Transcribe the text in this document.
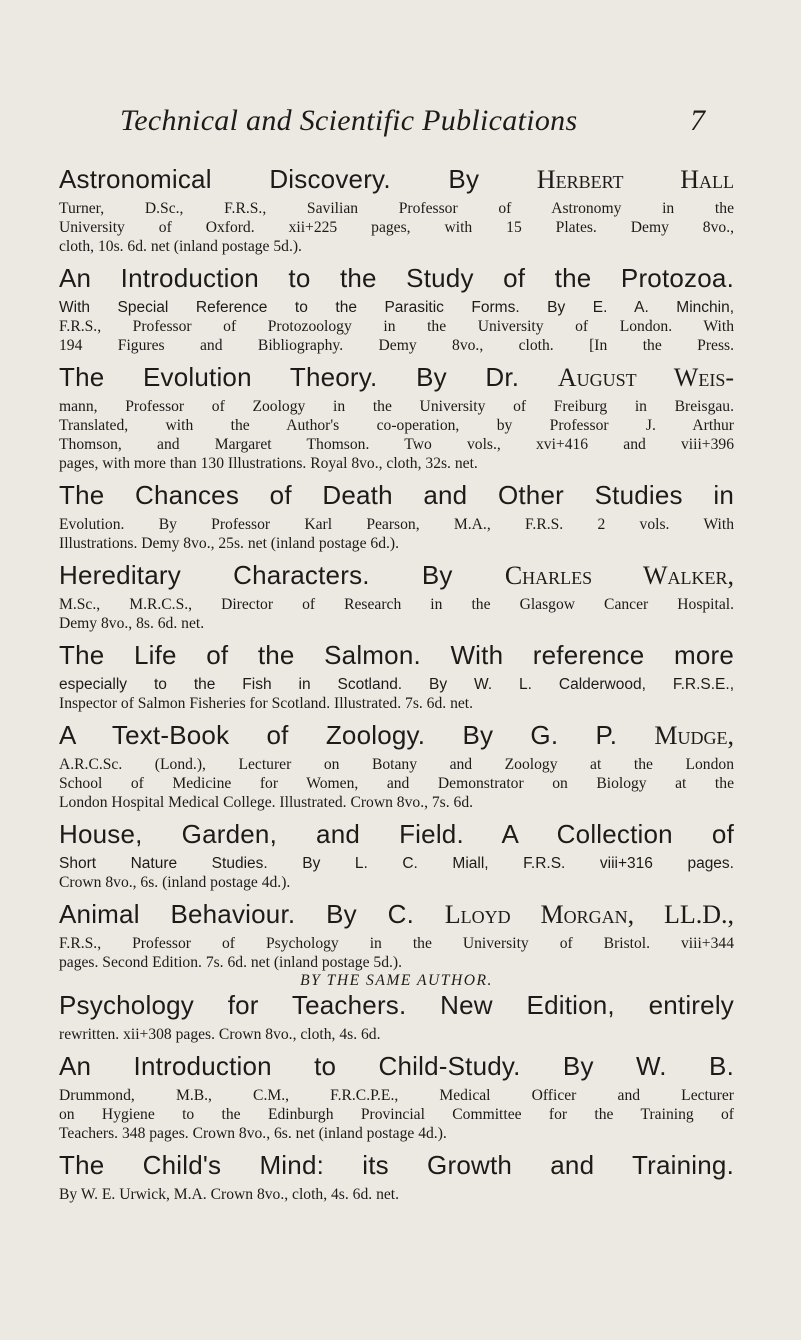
Technical and Scientific Publications	7

Astronomical Discovery. By Herbert Hall

Turner, D.Sc., F.R.S., Savilian Professor of Astronomy in the

University of Oxford. xii+225 pages, with 15 Plates. Demy 8vo.,

cloth, 10s. 6d. net (inland postage 5d.).

An Introduction to the Study of the Protozoa.

With Special Reference to the Parasitic Forms. By E. A. Minchin,

F.R.S., Professor of Protozoology in the University of London. With

194 Figures and Bibliography. Demy 8vo., cloth. [In the Press.

The Evolution Theory. By Dr. August Weis-

mann, Professor of Zoology in the University of Freiburg in Breisgau.

Translated, with the Author's co-operation, by Professor J. Arthur

Thomson, and Margaret Thomson. Two vols., xvi+416 and viii+396

pages, with more than 130 Illustrations. Royal 8vo., cloth, 32s. net.

The Chances of Death and Other Studies in

Evolution. By Professor Karl Pearson, M.A., F.R.S. 2 vols. With

Illustrations. Demy 8vo., 25s. net (inland postage 6d.).

Hereditary Characters. By Charles Walker,

M.Sc., M.R.C.S., Director of Research in the Glasgow Cancer Hospital.

Demy 8vo., 8s. 6d. net.

The Life of the Salmon. With reference more

especially to the Fish in Scotland. By W. L. Calderwood, F.R.S.E.,

Inspector of Salmon Fisheries for Scotland. Illustrated. 7s. 6d. net.

A Text-Book of Zoology. By G. P. Mudge,

A.R.C.Sc. (Lond.), Lecturer on Botany and Zoology at the London

School of Medicine for Women, and Demonstrator on Biology at the

London Hospital Medical College. Illustrated. Crown 8vo., 7s. 6d.

House, Garden, and Field. A Collection of

Short Nature Studies. By L. C. Miall, F.R.S. viii+316 pages.

Crown 8vo., 6s. (inland postage 4d.).

Animal Behaviour. By C. Lloyd Morgan, LL.D.,

F.R.S., Professor of Psychology in the University of Bristol. viii+344

pages. Second Edition. 7s. 6d. net (inland postage 5d.).

BY THE SAME AUTHOR.

Psychology for Teachers. New Edition, entirely

rewritten. xii+308 pages. Crown 8vo., cloth, 4s. 6d.

An Introduction to Child-Study. By W. B.

Drummond, M.B., C.M., F.R.C.P.E., Medical Officer and Lecturer

on Hygiene to the Edinburgh Provincial Committee for the Training of

Teachers. 348 pages. Crown 8vo., 6s. net (inland postage 4d.).

The Child's Mind: its Growth and Training.

By W. E. Urwick, M.A. Crown 8vo., cloth, 4s. 6d. net.
